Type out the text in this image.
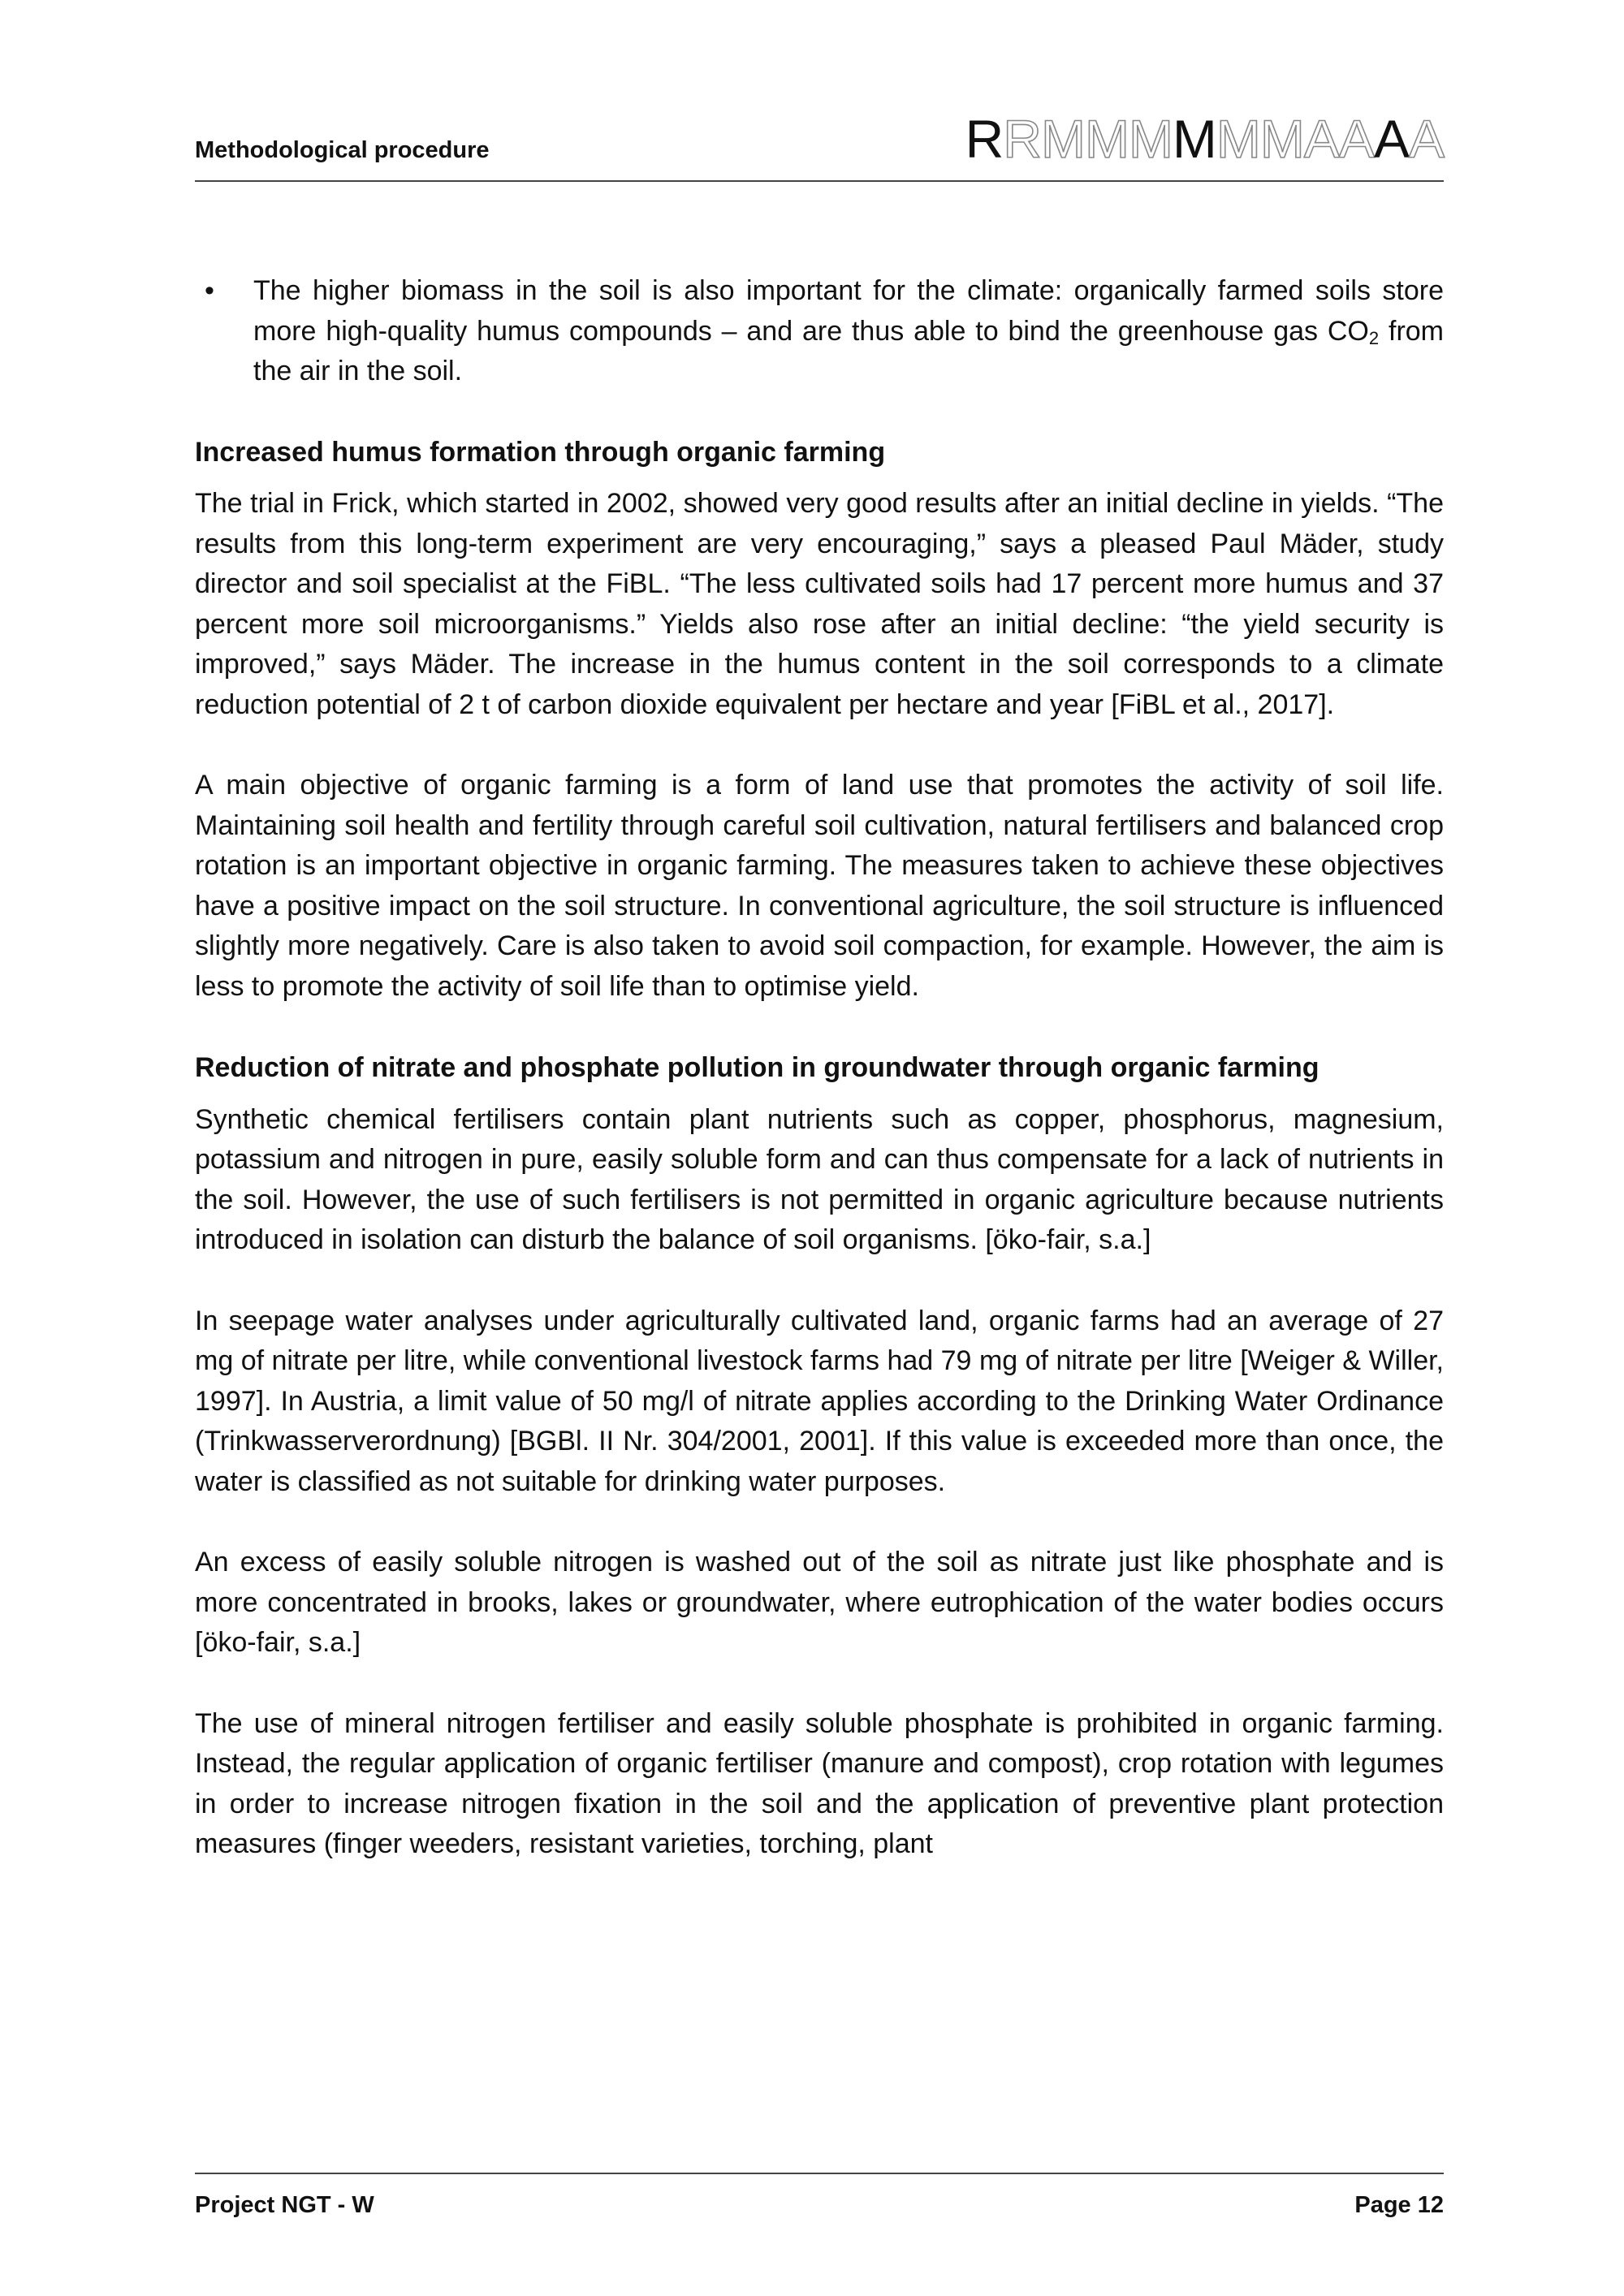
Methodological procedure	RRMMMMMMAAAA

• The higher biomass in the soil is also important for the climate: organically farmed soils store more high-quality humus compounds – and are thus able to bind the greenhouse gas $CO_2$ from the air in the soil.

Increased humus formation through organic farming

The trial in Frick, which started in 2002, showed very good results after an initial decline in yields. “The results from this long-term experiment are very encouraging,” says a pleased Paul Mäder, study director and soil specialist at the FiBL. “The less cultivated soils had 17 percent more humus and 37 percent more soil microorganisms.” Yields also rose after an initial decline: “the yield security is improved,” says Mäder. The increase in the humus content in the soil corresponds to a climate reduction potential of 2 t of carbon dioxide equivalent per hectare and year [FiBL et al., 2017].

A main objective of organic farming is a form of land use that promotes the activity of soil life. Maintaining soil health and fertility through careful soil cultivation, natural fertilisers and balanced crop rotation is an important objective in organic farming. The measures taken to achieve these objectives have a positive impact on the soil structure. In conventional agriculture, the soil structure is influenced slightly more negatively. Care is also taken to avoid soil compaction, for example. However, the aim is less to promote the activity of soil life than to optimise yield.

Reduction of nitrate and phosphate pollution in groundwater through organic farming

Synthetic chemical fertilisers contain plant nutrients such as copper, phosphorus, magnesium, potassium and nitrogen in pure, easily soluble form and can thus compensate for a lack of nutrients in the soil. However, the use of such fertilisers is not permitted in organic agriculture because nutrients introduced in isolation can disturb the balance of soil organisms. [öko-fair, s.a.]

In seepage water analyses under agriculturally cultivated land, organic farms had an average of 27 mg of nitrate per litre, while conventional livestock farms had 79 mg of nitrate per litre [Weiger & Willer, 1997]. In Austria, a limit value of 50 mg/l of nitrate applies according to the Drinking Water Ordinance (Trinkwasserverordnung) [BGBl. II Nr. 304/2001, 2001]. If this value is exceeded more than once, the water is classified as not suitable for drinking water purposes.

An excess of easily soluble nitrogen is washed out of the soil as nitrate just like phosphate and is more concentrated in brooks, lakes or groundwater, where eutrophication of the water bodies occurs [öko-fair, s.a.]

The use of mineral nitrogen fertiliser and easily soluble phosphate is prohibited in organic farming. Instead, the regular application of organic fertiliser (manure and compost), crop rotation with legumes in order to increase nitrogen fixation in the soil and the application of preventive plant protection measures (finger weeders, resistant varieties, torching, plant

Project NGT - W	Page 12
